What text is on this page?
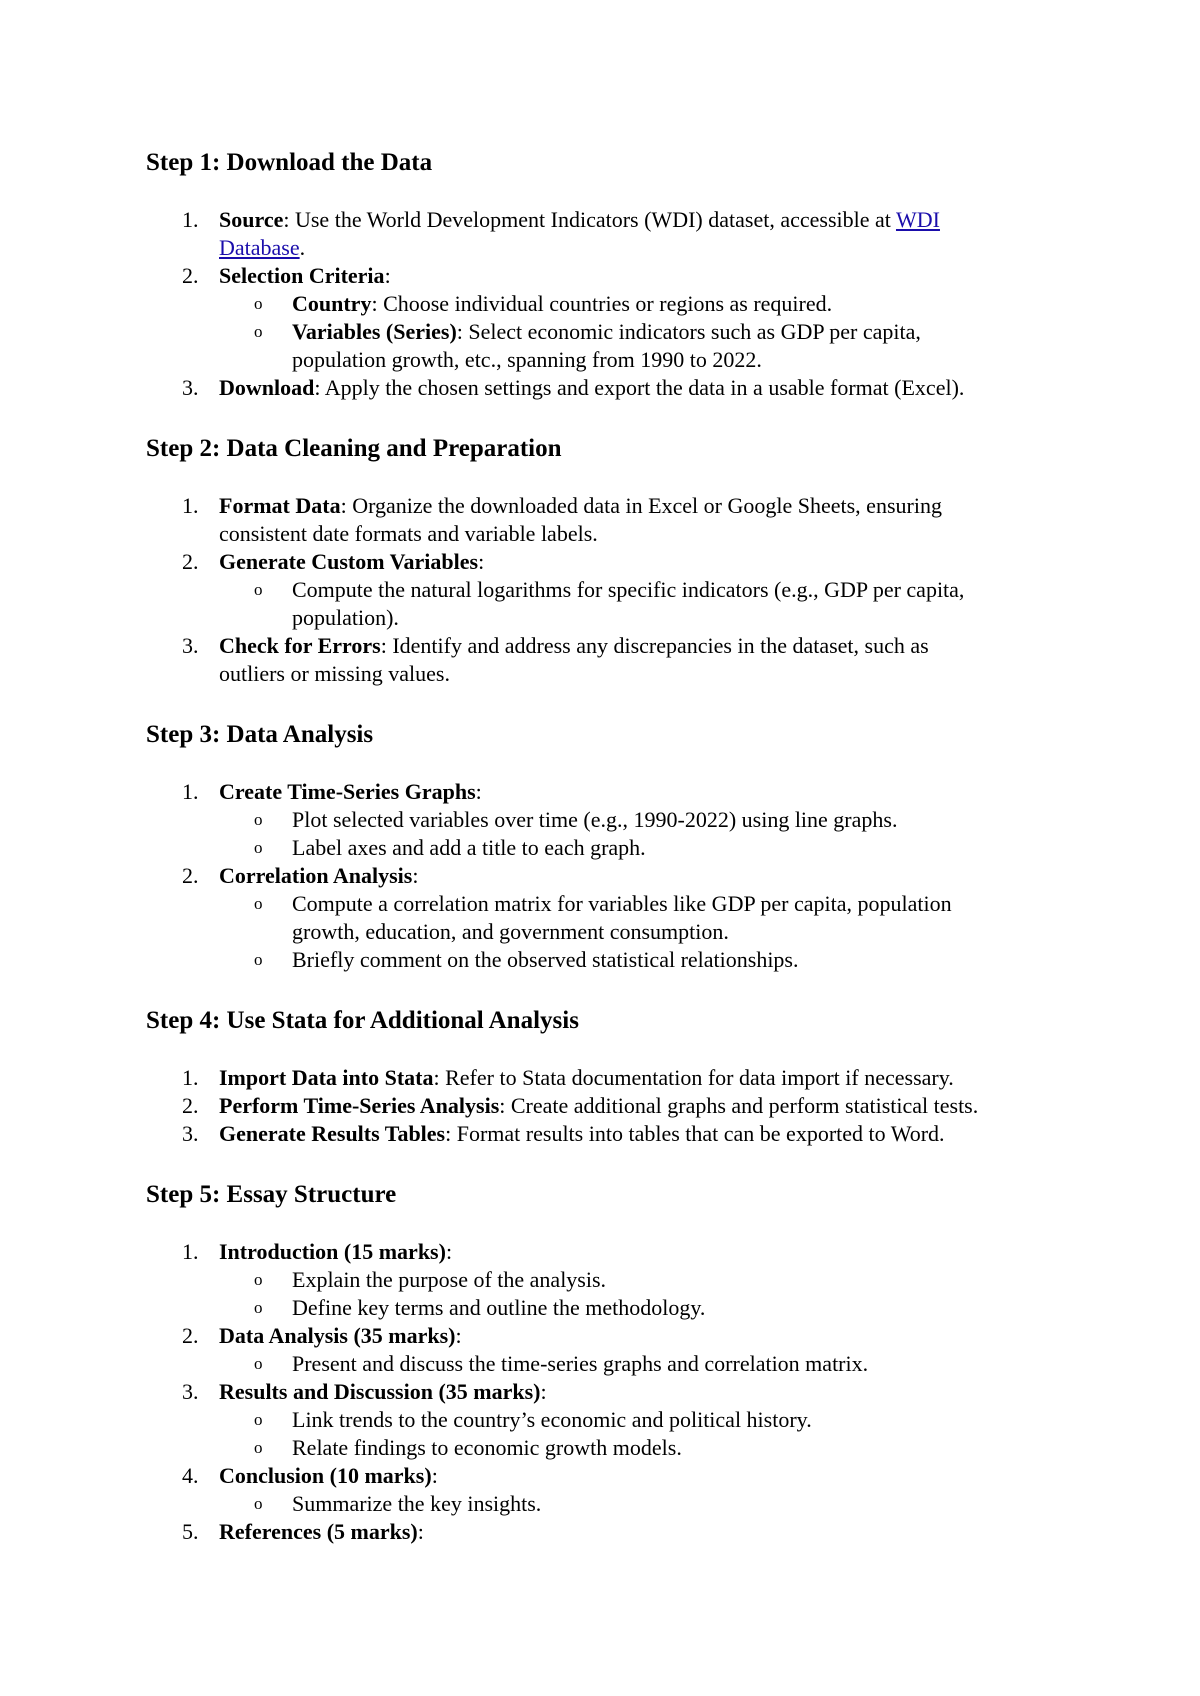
Step 1: Download the Data
1. Source: Use the World Development Indicators (WDI) dataset, accessible at WDI
Database.
2. Selection Criteria:
o Country: Choose individual countries or regions as required.
o Variables (Series): Select economic indicators such as GDP per capita,
population growth, etc., spanning from 1990 to 2022.
3. Download: Apply the chosen settings and export the data in a usable format (Excel).
Step 2: Data Cleaning and Preparation
1. Format Data: Organize the downloaded data in Excel or Google Sheets, ensuring
consistent date formats and variable labels.
2. Generate Custom Variables:
o Compute the natural logarithms for specific indicators (e.g., GDP per capita,
population).
3. Check for Errors: Identify and address any discrepancies in the dataset, such as
outliers or missing values.
Step 3: Data Analysis
1. Create Time-Series Graphs:
o Plot selected variables over time (e.g., 1990-2022) using line graphs.
o Label axes and add a title to each graph.
2. Correlation Analysis:
o Compute a correlation matrix for variables like GDP per capita, population
growth, education, and government consumption.
o Briefly comment on the observed statistical relationships.
Step 4: Use Stata for Additional Analysis
1. Import Data into Stata: Refer to Stata documentation for data import if necessary.
2. Perform Time-Series Analysis: Create additional graphs and perform statistical tests.
3. Generate Results Tables: Format results into tables that can be exported to Word.
Step 5: Essay Structure
1. Introduction (15 marks):
o Explain the purpose of the analysis.
o Define key terms and outline the methodology.
2. Data Analysis (35 marks):
o Present and discuss the time-series graphs and correlation matrix.
3. Results and Discussion (35 marks):
o Link trends to the country’s economic and political history.
o Relate findings to economic growth models.
4. Conclusion (10 marks):
o Summarize the key insights.
5. References (5 marks):
